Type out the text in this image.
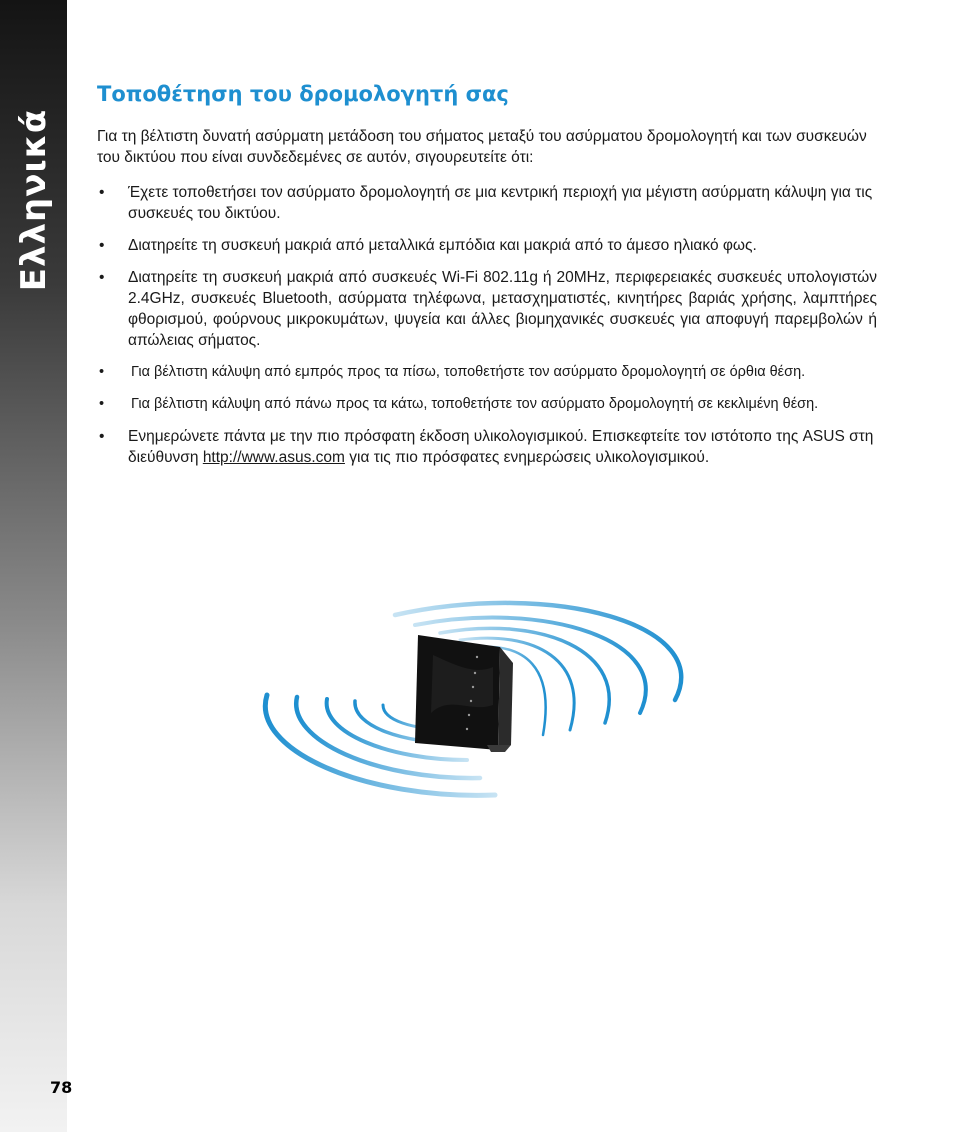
Ελληνικά
Τοποθέτηση του δρομολογητή σας

Για τη βέλτιστη δυνατή ασύρματη μετάδοση του σήματος μεταξύ του ασύρματου δρομολογητή και των συσκευών του δικτύου που είναι συνδεδεμένες σε αυτόν, σιγουρευτείτε ότι:

• Έχετε τοποθετήσει τον ασύρματο δρομολογητή σε μια κεντρική περιοχή για μέγιστη ασύρματη κάλυψη για τις συσκευές του δικτύου.
• Διατηρείτε τη συσκευή μακριά από μεταλλικά εμπόδια και μακριά από το άμεσο ηλιακό φως.
• Διατηρείτε τη συσκευή μακριά από συσκευές Wi-Fi 802.11g ή 20MHz, περιφερειακές συσκευές υπολογιστών 2.4GHz, συσκευές Bluetooth, ασύρματα τηλέφωνα, μετασχηματιστές, κινητήρες βαριάς χρήσης, λαμπτήρες φθορισμού, φούρνους μικροκυμάτων, ψυγεία και άλλες βιομηχανικές συσκευές για αποφυγή παρεμβολών ή απώλειας σήματος.
• Για βέλτιστη κάλυψη από εμπρός προς τα πίσω, τοποθετήστε τον ασύρματο δρομολογητή σε όρθια θέση.
• Για βέλτιστη κάλυψη από πάνω προς τα κάτω, τοποθετήστε τον ασύρματο δρομολογητή σε κεκλιμένη θέση.
• Ενημερώνετε πάντα με την πιο πρόσφατη έκδοση υλικολογισμικού. Επισκεφτείτε τον ιστότοπο της ASUS στη διεύθυνση http://www.asus.com για τις πιο πρόσφατες ενημερώσεις υλικολογισμικού.
78
